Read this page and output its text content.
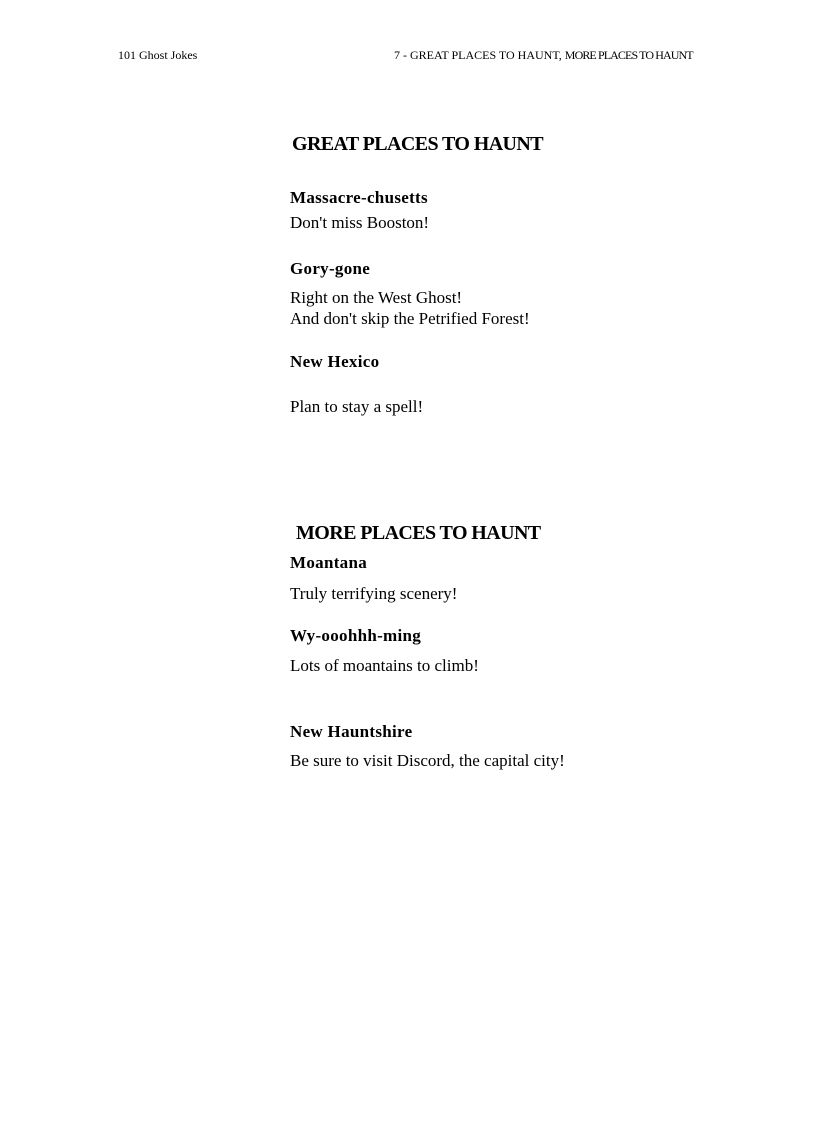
101 Ghost Jokes	7 - GREAT PLACES TO HAUNT, MORE PLACES TO HAUNT
GREAT PLACES TO HAUNT
Massacre-chusetts
Don't miss Booston!
Gory-gone
Right on the West Ghost!
And don't skip the Petrified Forest!
New Hexico
Plan to stay a spell!
MORE PLACES TO HAUNT
Moantana
Truly terrifying scenery!
Wy-ooohhh-ming
Lots of moantains to climb!
New Hauntshire
Be sure to visit Discord, the capital city!
